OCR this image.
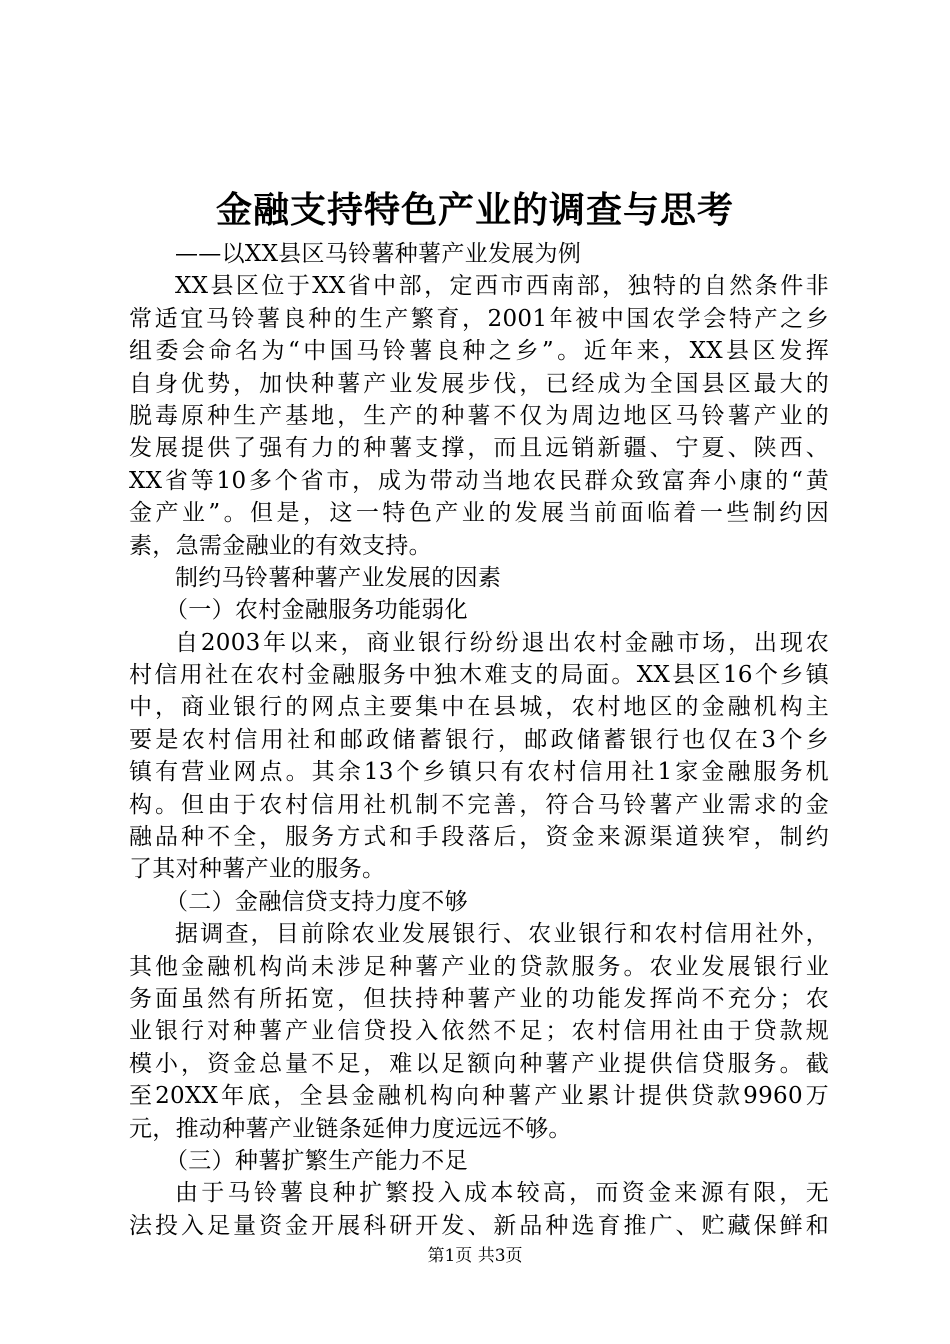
金融支持特色产业的调查与思考
——以XX县区马铃薯种薯产业发展为例
XX县区位于XX省中部，定西市西南部，独特的自然条件非
常适宜马铃薯良种的生产繁育，2001年被中国农学会特产之乡
组委会命名为“中国马铃薯良种之乡”。近年来，XX县区发挥
自身优势，加快种薯产业发展步伐，已经成为全国县区最大的
脱毒原种生产基地，生产的种薯不仅为周边地区马铃薯产业的
发展提供了强有力的种薯支撑，而且远销新疆、宁夏、陕西、
XX省等10多个省市，成为带动当地农民群众致富奔小康的“黄
金产业”。但是，这一特色产业的发展当前面临着一些制约因
素，急需金融业的有效支持。
制约马铃薯种薯产业发展的因素
（一）农村金融服务功能弱化
自2003年以来，商业银行纷纷退出农村金融市场，出现农
村信用社在农村金融服务中独木难支的局面。XX县区16个乡镇
中，商业银行的网点主要集中在县城，农村地区的金融机构主
要是农村信用社和邮政储蓄银行，邮政储蓄银行也仅在3个乡
镇有营业网点。其余13个乡镇只有农村信用社1家金融服务机
构。但由于农村信用社机制不完善，符合马铃薯产业需求的金
融品种不全，服务方式和手段落后，资金来源渠道狭窄，制约
了其对种薯产业的服务。
（二）金融信贷支持力度不够
据调查，目前除农业发展银行、农业银行和农村信用社外，
其他金融机构尚未涉足种薯产业的贷款服务。农业发展银行业
务面虽然有所拓宽，但扶持种薯产业的功能发挥尚不充分；农
业银行对种薯产业信贷投入依然不足；农村信用社由于贷款规
模小，资金总量不足，难以足额向种薯产业提供信贷服务。截
至20XX年底，全县金融机构向种薯产业累计提供贷款9960万
元，推动种薯产业链条延伸力度远远不够。
（三）种薯扩繁生产能力不足
由于马铃薯良种扩繁投入成本较高，而资金来源有限，无
法投入足量资金开展科研开发、新品种选育推广、贮藏保鲜和
第1页 共3页
